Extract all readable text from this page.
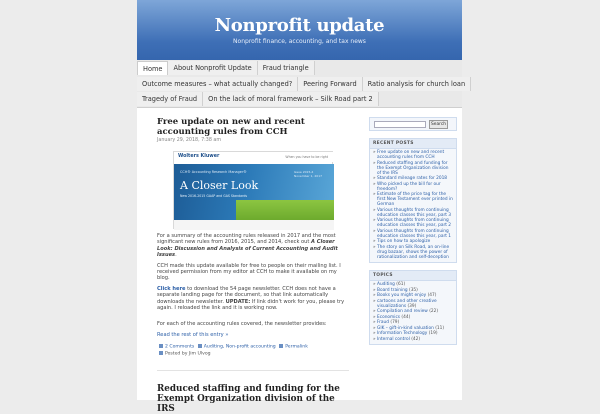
Nonprofit update
Nonprofit finance, accounting, and tax news
Home	About Nonprofit Update	Fraud triangle
Outcome measures – what actually changed?	Peering Forward	Ratio analysis for church loan
Tragedy of Fraud	On the lack of moral framework – Silk Road part 2
Free update on new and recent accounting rules from CCH
January 29, 2018, 7:38 am
Wolters Kluwer	When you have to be right
CCH® Accounting Research Manager®	Issue 2015-4 November 1, 2017
A Closer Look
New 2016-2015 GAAP and GAS Standards

For a summary of the accounting rules released in 2017 and the most significant new rules from 2016, 2015, and 2014, check out A Closer Look: Discussion and Analysis of Current Accounting and Audit Issues.

CCH made this update available for free to people on their mailing list. I received permission from my editor at CCH to make it available on my blog.

Click here to download the 54 page newsletter. CCH does not have a separate landing page for the document, so that link automatically downloads the newsletter. UPDATE: If link didn't work for you, please try again. I reloaded the link and it is working now.

For each of the accounting rules covered, the newsletter provides:

Read the rest of this entry »

2 Comments Auditing, Non-profit accounting Permalink
Posted by Jim Ulvog
Reduced staffing and funding for the Exempt Organization division of the IRS
Search
RECENT POSTS
» Free update on new and recent accounting rules from CCH
» Reduced staffing and funding for the Exempt Organization division of the IRS
» Standard mileage rates for 2018
» Who picked up the bill for our freedom?
» Estimate of the price tag for the first New Testament ever printed in German
» Various thoughts from continuing education classes this year, part 3
» Various thoughts from continuing education classes this year, part 2
» Various thoughts from continuing education classes this year, part 1
» Tips on how to apologize
» The story on Silk Road, an on-line drug bazaar, shows the power of rationalization and self-deception
TOPICS
» Auditing (61)
» Board training (35)
» Books you might enjoy (47)
» cartoons and other creative visualizations (39)
» Compilation and review (22)
» Economics (44)
» Fraud (79)
» GIK – gift-in-kind valuation (11)
» Information Technology (19)
» Internal control (42)
